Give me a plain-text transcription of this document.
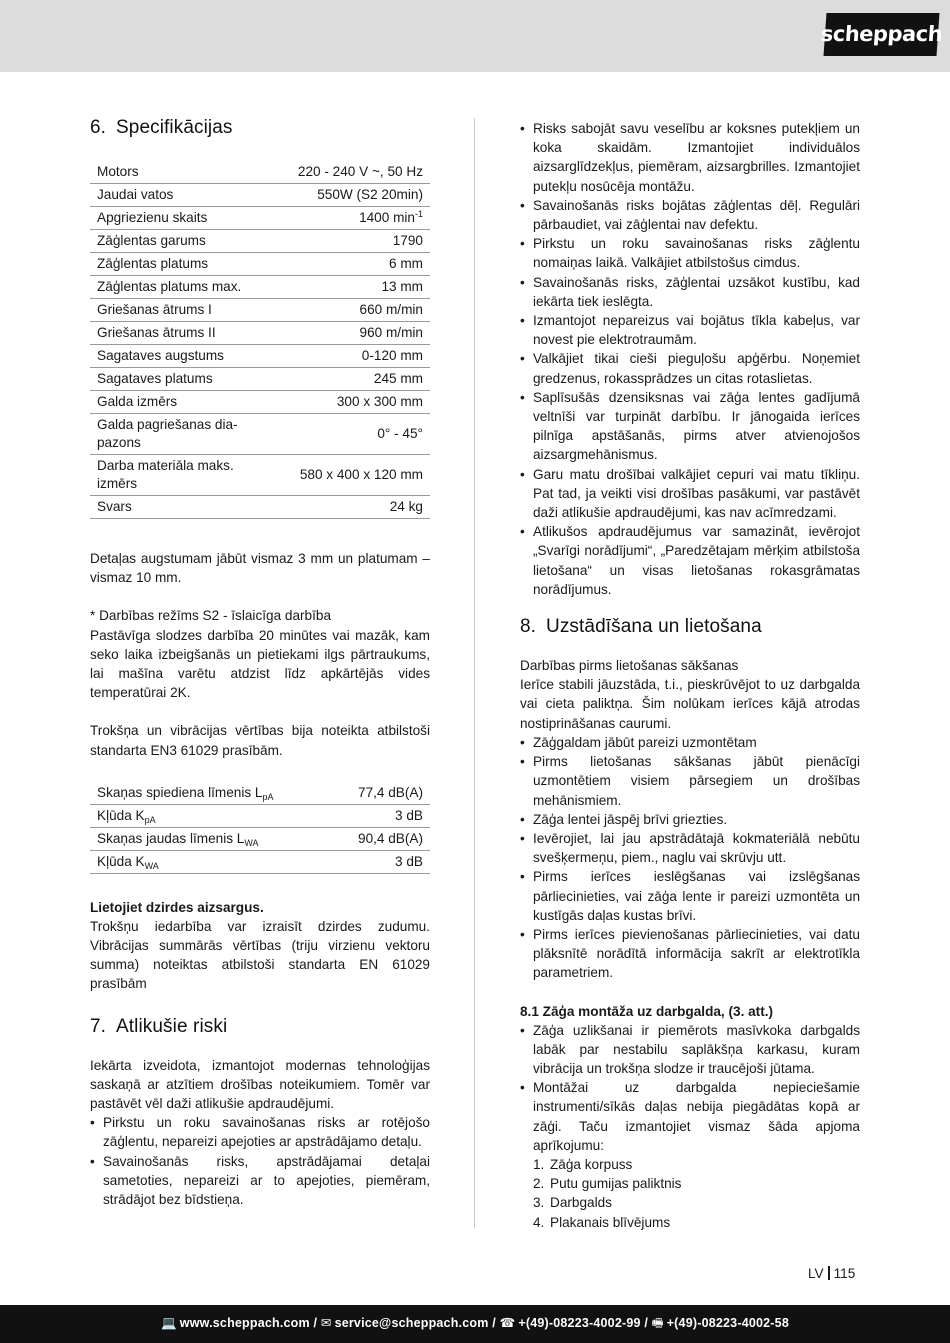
scheppach
6. Specifikācijas
Motors	220 - 240 V ~, 50 Hz
Jaudai vatos	550W (S2 20min)
Apgriezienu skaits	1400 $\min^{-1}$
Zāģlentas garums	1790
Zāģlentas platums	6 mm
Zāģlentas platums max.	13 mm
Griešanas ātrums I	660 m/min
Griešanas ātrums II	960 m/min
Sagataves augstums	0-120 mm
Sagataves platums	245 mm
Galda izmērs	300 x 300 mm
Galda pagriešanas dia-
pazons	0° - 45°
Darba materiāla maks.
izmērs	580 x 400 x 120 mm
Svars	24 kg

Detaļas augstumam jābūt vismaz 3 mm un platumam – vismaz 10 mm.

* Darbības režīms S2 - īslaicīga darbība

Pastāvīga slodzes darbība 20 minūtes vai mazāk, kam seko laika izbeigšanās un pietiekami ilgs pārtraukums, lai mašīna varētu atdzist līdz apkārtējās vides temperatūrai 2K.

Trokšņa un vibrācijas vērtības bija noteikta atbilstoši standarta EN3 61029 prasībām.

Skaņas spiediena līmenis $L_{pA}$	77,4 dB(A)
Kļūda $K_{pA}$	3 dB
Skaņas jaudas līmenis $L_{WA}$	90,4 dB(A)
Kļūda $K_{WA}$	3 dB
Lietojiet dzirdes aizsargus.

Trokšņu iedarbība var izraisīt dzirdes zudumu. Vibrācijas summārās vērtības (triju virzienu vektoru summa) noteiktas atbilstoši standarta EN 61029 prasībām

7. Atlikušie riski

Iekārta izveidota, izmantojot modernas tehnoloģijas saskaņā ar atzītiem drošības noteikumiem. Tomēr var pastāvēt vēl daži atlikušie apdraudējumi.

• Pirkstu un roku savainošanas risks ar rotējošo zāģlentu, nepareizi apejoties ar apstrādājamo detaļu.
• Savainošanās risks, apstrādājamai detaļai sametoties, nepareizi ar to apejoties, piemēram, strādājot bez bīdstieņa.
• Risks sabojāt savu veselību ar koksnes putekļiem un koka skaidām. Izmantojiet individuālos aizsarglīdzekļus, piemēram, aizsargbrilles. Izmantojiet putekļu nosūcēja montāžu.
• Savainošanās risks bojātas zāģlentas dēļ. Regulāri pārbaudiet, vai zāģlentai nav defektu.
• Pirkstu un roku savainošanas risks zāģlentu nomaiņas laikā. Valkājiet atbilstošus cimdus.
• Savainošanās risks, zāģlentai uzsākot kustību, kad iekārta tiek ieslēgta.
• Izmantojot nepareizus vai bojātus tīkla kabeļus, var novest pie elektrotraumām.
• Valkājiet tikai cieši pieguļošu apģērbu. Noņemiet gredzenus, rokassprādzes un citas rotaslietas.
• Saplīsušās dzensiksnas vai zāģa lentes gadījumā veltnīši var turpināt darbību. Ir jānogaida ierīces pilnīga apstāšanās, pirms atver atvienojošos aizsargmehānismus.
• Garu matu drošībai valkājiet cepuri vai matu tīkliņu. Pat tad, ja veikti visi drošības pasākumi, var pastāvēt daži atlikušie apdraudējumi, kas nav acīmredzami.
• Atlikušos apdraudējumus var samazināt, ievērojot „Svarīgi norādījumi“, „Paredzētajam mērķim atbilstoša lietošana“ un visas lietošanas rokasgrāmatas norādījumus.
8. Uzstādīšana un lietošana

Darbības pirms lietošanas sākšanas

Ierīce stabili jāuzstāda, t.i., pieskrūvējot to uz darbgalda vai cieta paliktņa. Šim nolūkam ierīces kājā atrodas nostiprināšanas caurumi.

• Zāģgaldam jābūt pareizi uzmontētam
• Pirms lietošanas sākšanas jābūt pienācīgi uzmontētiem visiem pārsegiem un drošības mehānismiem.
• Zāģa lentei jāspēj brīvi griezties.
• Ievērojiet, lai jau apstrādātajā kokmateriālā nebūtu svešķermeņu, piem., naglu vai skrūvju utt.
• Pirms ierīces ieslēgšanas vai izslēgšanas pārliecinieties, vai zāģa lente ir pareizi uzmontēta un kustīgās daļas kustas brīvi.
• Pirms ierīces pievienošanas pārliecinieties, vai datu plāksnītē norādītā informācija sakrīt ar elektrotīkla parametriem.
8.1 Zāģa montāža uz darbgalda, (3. att.)
• Zāģa uzlikšanai ir piemērots masīvkoka darbgalds labāk par nestabilu saplākšņa karkasu, kuram vibrācija un trokšņa slodze ir traucējoši jūtama.
• Montāžai uz darbgalda nepieciešamie instrumenti/sīkās daļas nebija piegādātas kopā ar zāģi. Taču izmantojiet vismaz šāda apjoma aprīkojumu:
1. Zāģa korpuss
2. Putu gumijas paliktnis
3. Darbgalds
4. Plakanais blīvējums
LV 115
💻 www.scheppach.com / ✉ service@scheppach.com / ☎ +(49)-08223-4002-99 / 🖷 +(49)-08223-4002-58
